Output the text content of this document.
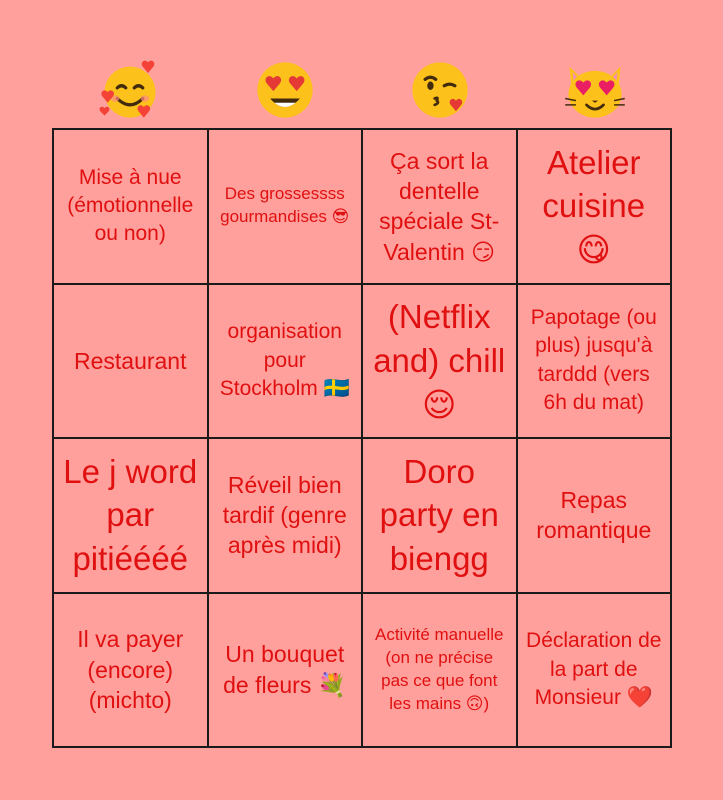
Mise à nue (émotionnelle ou non)
Des grossessss gourmandises 😎
Ça sort la dentelle spéciale St-Valentin 😏
Atelier cuisine 😋
Restaurant
organisation pour Stockholm 🇸🇪
(Netflix and) chill 😌
Papotage (ou plus) jusqu'à tarddd (vers 6h du mat)
Le j word par pitiéééé
Réveil bien tardif (genre après midi)
Doro party en biengg
Repas romantique
Il va payer (encore)(michto)
Un bouquet de fleurs 💐
Activité manuelle (on ne précise pas ce que font les mains 🙃)
Déclaration de la part de Monsieur ❤️
